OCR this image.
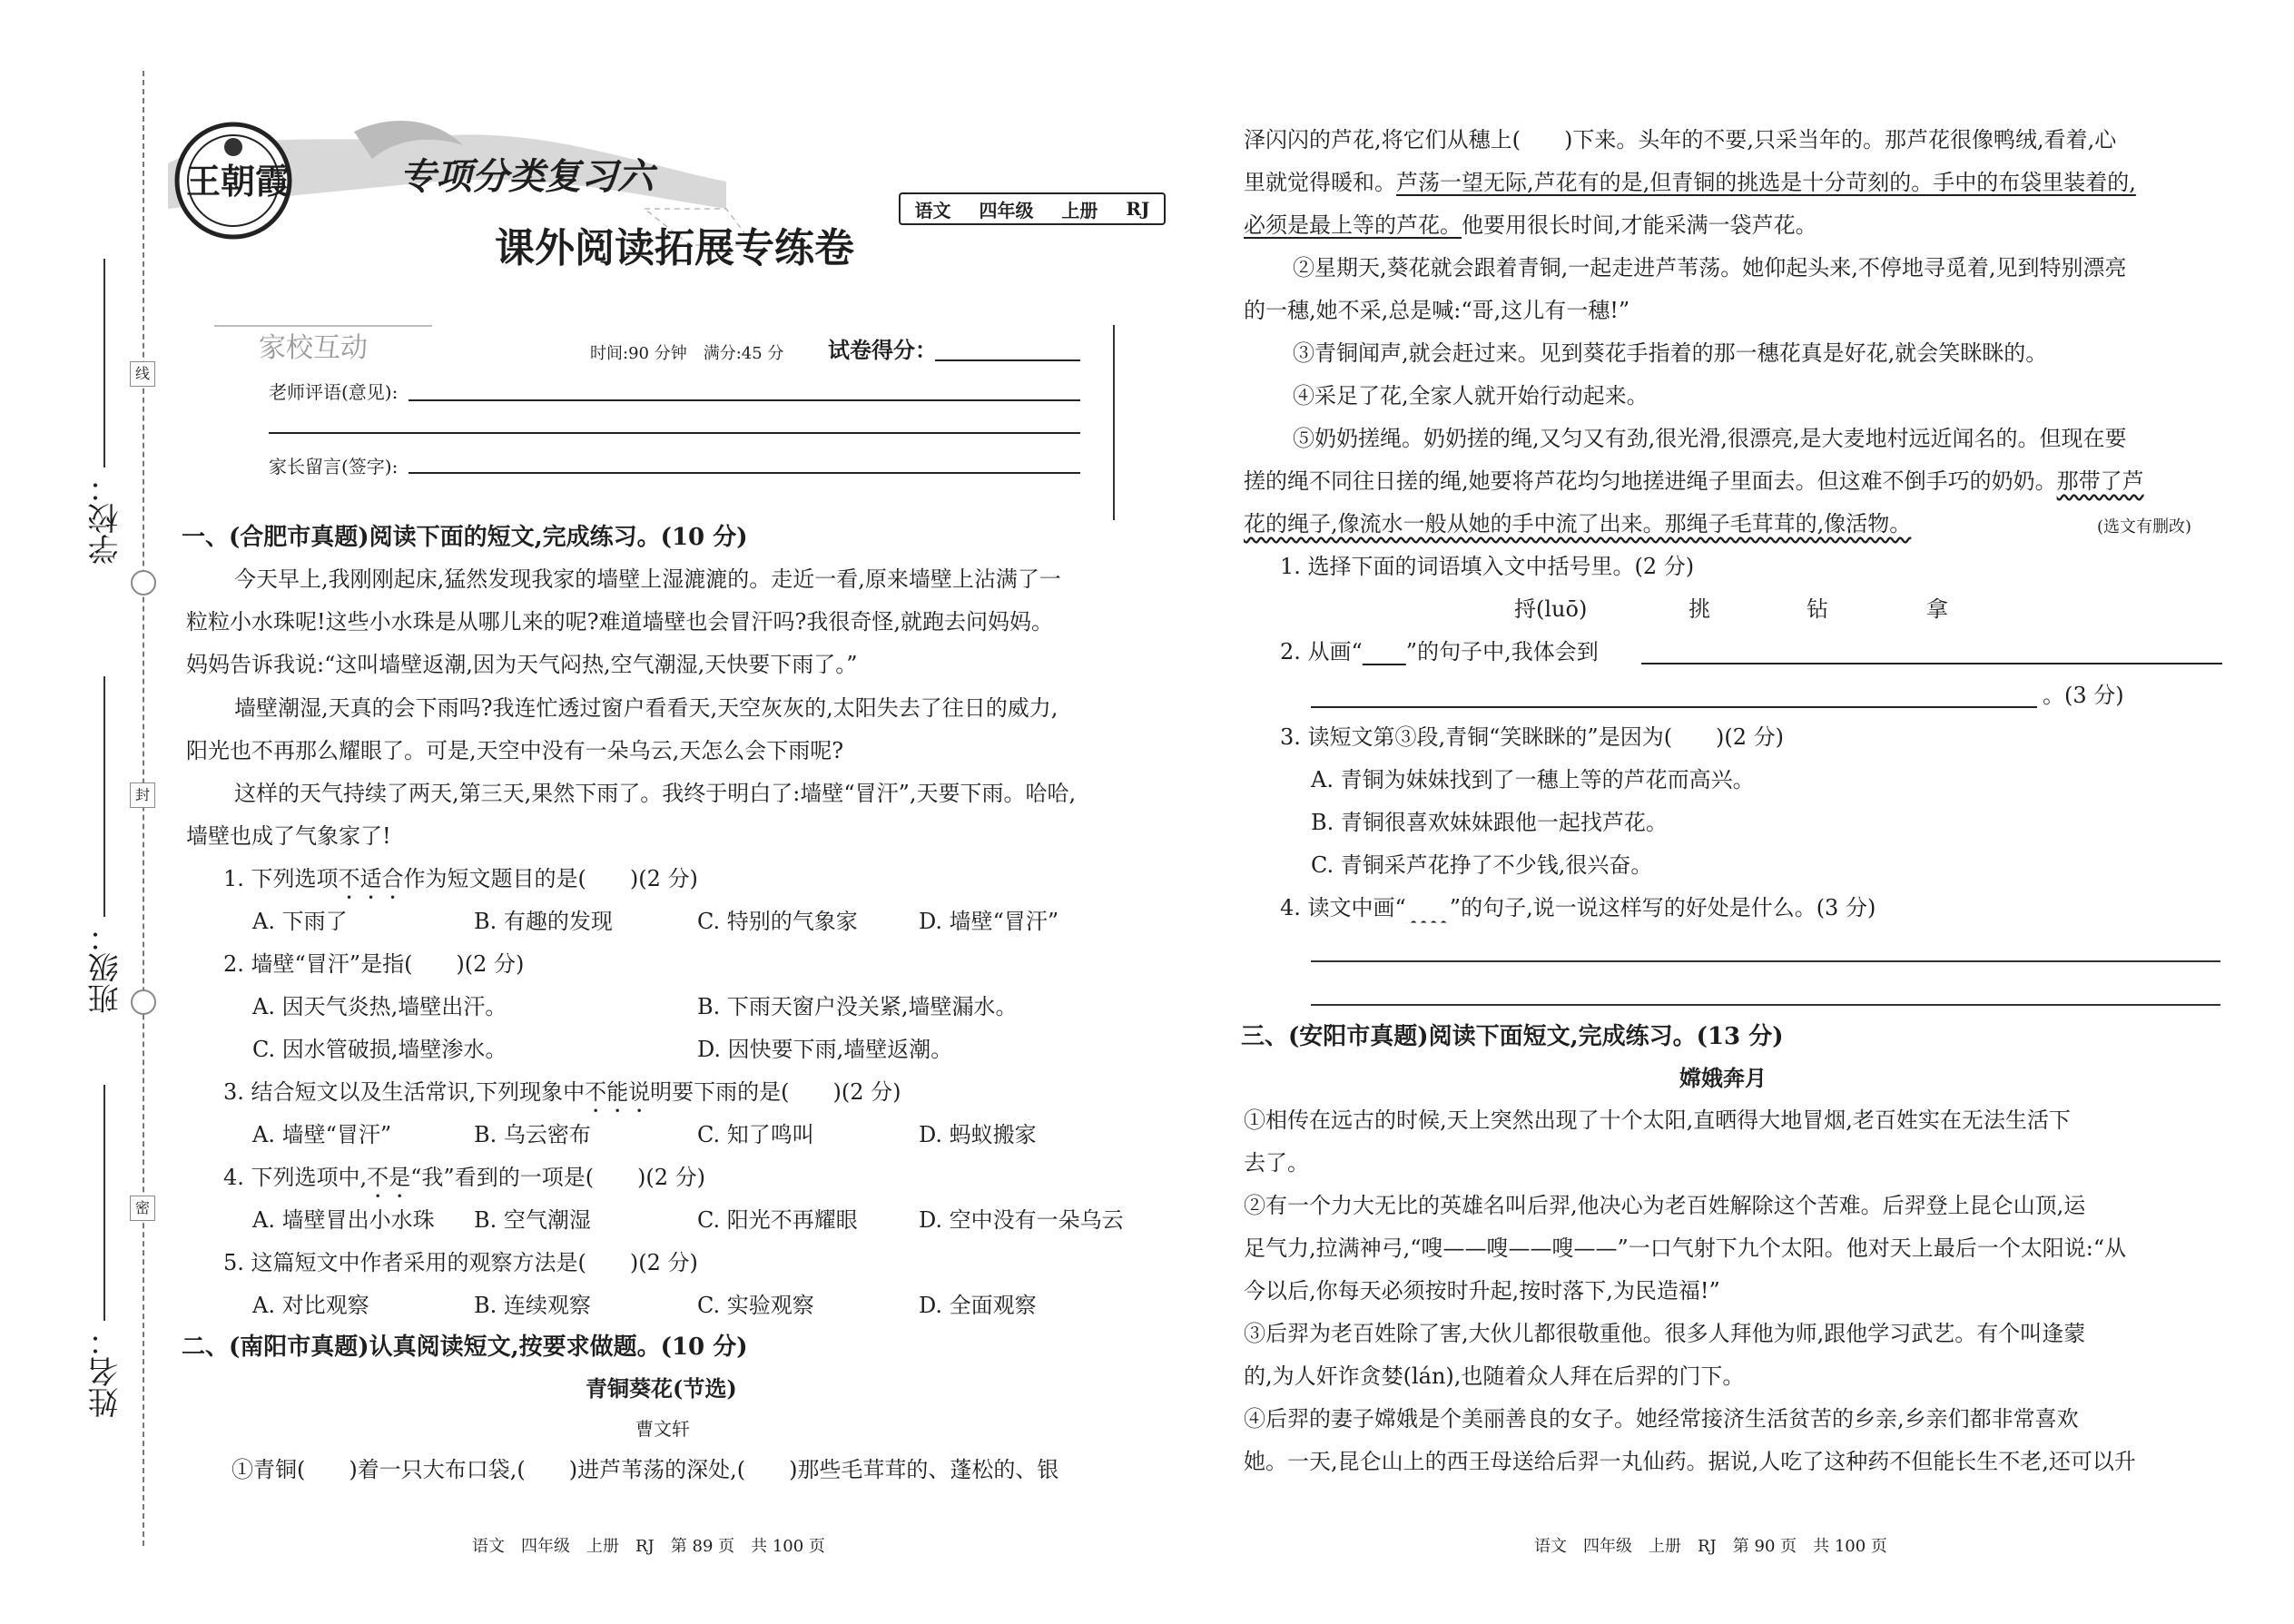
学校：
班级：
姓名：
线
封
密
王朝霞	专项分类复习六
语文 四年级 上册 RJ
课外阅读拓展专练卷
家校互动	时间:90 分钟　满分:45 分 试卷得分：
老师评语(意见):
家长留言(签字):
一、(合肥市真题)阅读下面的短文,完成练习。(10 分)
今天早上,我刚刚起床,猛然发现我家的墙壁上湿漉漉的。走近一看,原来墙壁上沾满了一
粒粒小水珠呢!这些小水珠是从哪儿来的呢?难道墙壁也会冒汗吗?我很奇怪,就跑去问妈妈。
妈妈告诉我说:“这叫墙壁返潮,因为天气闷热,空气潮湿,天快要下雨了。”
墙壁潮湿,天真的会下雨吗?我连忙透过窗户看看天,天空灰灰的,太阳失去了往日的威力,
阳光也不再那么耀眼了。可是,天空中没有一朵乌云,天怎么会下雨呢?
这样的天气持续了两天,第三天,果然下雨了。我终于明白了:墙壁“冒汗”,天要下雨。哈哈,
墙壁也成了气象家了!
1. 下列选项不适合作为短文题目的是(　　)(2 分)
A. 下雨了	B. 有趣的发现	C. 特别的气象家	D. 墙壁“冒汗”
2. 墙壁“冒汗”是指(　　)(2 分)
A. 因天气炎热,墙壁出汗。	B. 下雨天窗户没关紧,墙壁漏水。
C. 因水管破损,墙壁渗水。	D. 因快要下雨,墙壁返潮。
3. 结合短文以及生活常识,下列现象中不能说明要下雨的是(　　)(2 分)
A. 墙壁“冒汗”	B. 乌云密布	C. 知了鸣叫	D. 蚂蚁搬家
4. 下列选项中,不是“我”看到的一项是(　　)(2 分)
A. 墙壁冒出小水珠 B. 空气潮湿	C. 阳光不再耀眼	D. 空中没有一朵乌云
5. 这篇短文中作者采用的观察方法是(　　)(2 分)
A. 对比观察	B. 连续观察	C. 实验观察	D. 全面观察
二、(南阳市真题)认真阅读短文,按要求做题。(10 分)
青铜葵花(节选)
曹文轩
①青铜(　　)着一只大布口袋,(　　)进芦苇荡的深处,(　　)那些毛茸茸的、蓬松的、银
泽闪闪的芦花,将它们从穗上(　　)下来。头年的不要,只采当年的。那芦花很像鸭绒,看着,心
里就觉得暖和。芦荡一望无际,芦花有的是,但青铜的挑选是十分苛刻的。手中的布袋里装着的,
必须是最上等的芦花。他要用很长时间,才能采满一袋芦花。
②星期天,葵花就会跟着青铜,一起走进芦苇荡。她仰起头来,不停地寻觅着,见到特别漂亮
的一穗,她不采,总是喊:“哥,这儿有一穗!”
③青铜闻声,就会赶过来。见到葵花手指着的那一穗花真是好花,就会笑眯眯的。
④采足了花,全家人就开始行动起来。
⑤奶奶搓绳。奶奶搓的绳,又匀又有劲,很光滑,很漂亮,是大麦地村远近闻名的。但现在要
搓的绳不同往日搓的绳,她要将芦花均匀地搓进绳子里面去。但这难不倒手巧的奶奶。那带了芦
花的绳子,像流水一般从她的手中流了出来。那绳子毛茸茸的,像活物。	(选文有删改)
1. 选择下面的词语填入文中括号里。(2 分)
捋(luō)	挑	钻	拿
2. 从画“　　 ”的句子中,我体会到
。(3 分)
3. 读短文第③段,青铜“笑眯眯的”是因为(　　)(2 分)
A. 青铜为妹妹找到了一穗上等的芦花而高兴。
B. 青铜很喜欢妹妹跟他一起找芦花。
C. 青铜采芦花挣了不少钱,很兴奋。
4. 读文中画“　　 ”的句子,说一说这样写的好处是什么。(3 分)
三、(安阳市真题)阅读下面短文,完成练习。(13 分)
嫦娥奔月
①相传在远古的时候,天上突然出现了十个太阳,直晒得大地冒烟,老百姓实在无法生活下
去了。
②有一个力大无比的英雄名叫后羿,他决心为老百姓解除这个苦难。后羿登上昆仑山顶,运
足气力,拉满神弓,“嗖——嗖——嗖——”一口气射下九个太阳。他对天上最后一个太阳说:“从
今以后,你每天必须按时升起,按时落下,为民造福!”
③后羿为老百姓除了害,大伙儿都很敬重他。很多人拜他为师,跟他学习武艺。有个叫逢蒙
的,为人奸诈贪婪(lán),也随着众人拜在后羿的门下。
④后羿的妻子嫦娥是个美丽善良的女子。她经常接济生活贫苦的乡亲,乡亲们都非常喜欢
她。一天,昆仑山上的西王母送给后羿一丸仙药。据说,人吃了这种药不但能长生不老,还可以升
语文　四年级　上册　RJ　第 89 页　共 100 页	语文　四年级　上册　RJ　第 90 页　共 100 页
